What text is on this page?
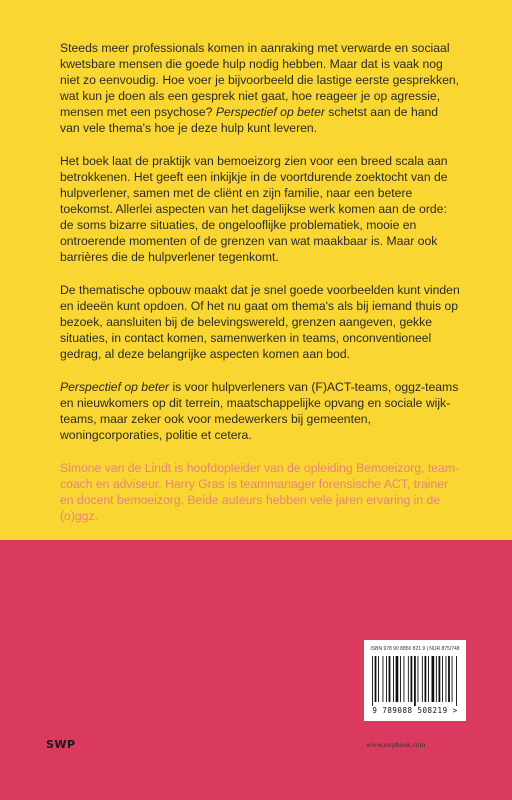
Steeds meer professionals komen in aanraking met verwarde en sociaal kwetsbare mensen die goede hulp nodig hebben. Maar dat is vaak nog niet zo eenvoudig. Hoe voer je bijvoorbeeld die lastige eerste gesprekken, wat kun je doen als een gesprek niet gaat, hoe reageer je op agressie, mensen met een psychose? Perspectief op beter schetst aan de hand van vele thema's hoe je deze hulp kunt leveren.

Het boek laat de praktijk van bemoeizorg zien voor een breed scala aan betrokkenen. Het geeft een inkijkje in de voortdurende zoektocht van de hulpverlener, samen met de cliënt en zijn familie, naar een betere toekomst. Allerlei aspecten van het dagelijkse werk komen aan de orde: de soms bizarre situaties, de ongelooflijke problematiek, mooie en ontroerende momenten of de grenzen van wat maakbaar is. Maar ook barrières die de hulpverlener tegenkomt.

De thematische opbouw maakt dat je snel goede voorbeelden kunt vinden en ideeën kunt opdoen. Of het nu gaat om thema's als bij iemand thuis op bezoek, aansluiten bij de belevingswereld, grenzen aangeven, gekke situaties, in contact komen, samenwerken in teams, onconventioneel gedrag, al deze belangrijke aspecten komen aan bod.

Perspectief op beter is voor hulpverleners van (F)ACT-teams, oggz-teams en nieuwkomers op dit terrein, maatschappelijke opvang en sociale wijk-teams, maar zeker ook voor medewerkers bij gemeenten, woningcorporaties, politie et cetera.

Simone van de Lindt is hoofdopleider van de opleiding Bemoeizorg, team-coach en adviseur. Harry Gras is teammanager forensische ACT, trainer en docent bemoeizorg. Beide auteurs hebben vele jaren ervaring in de (o)ggz.

ISBN 978 90 8850 821 9 | NUR 875/748
9 789088 508219 >
SWP	www.swpbook.com
